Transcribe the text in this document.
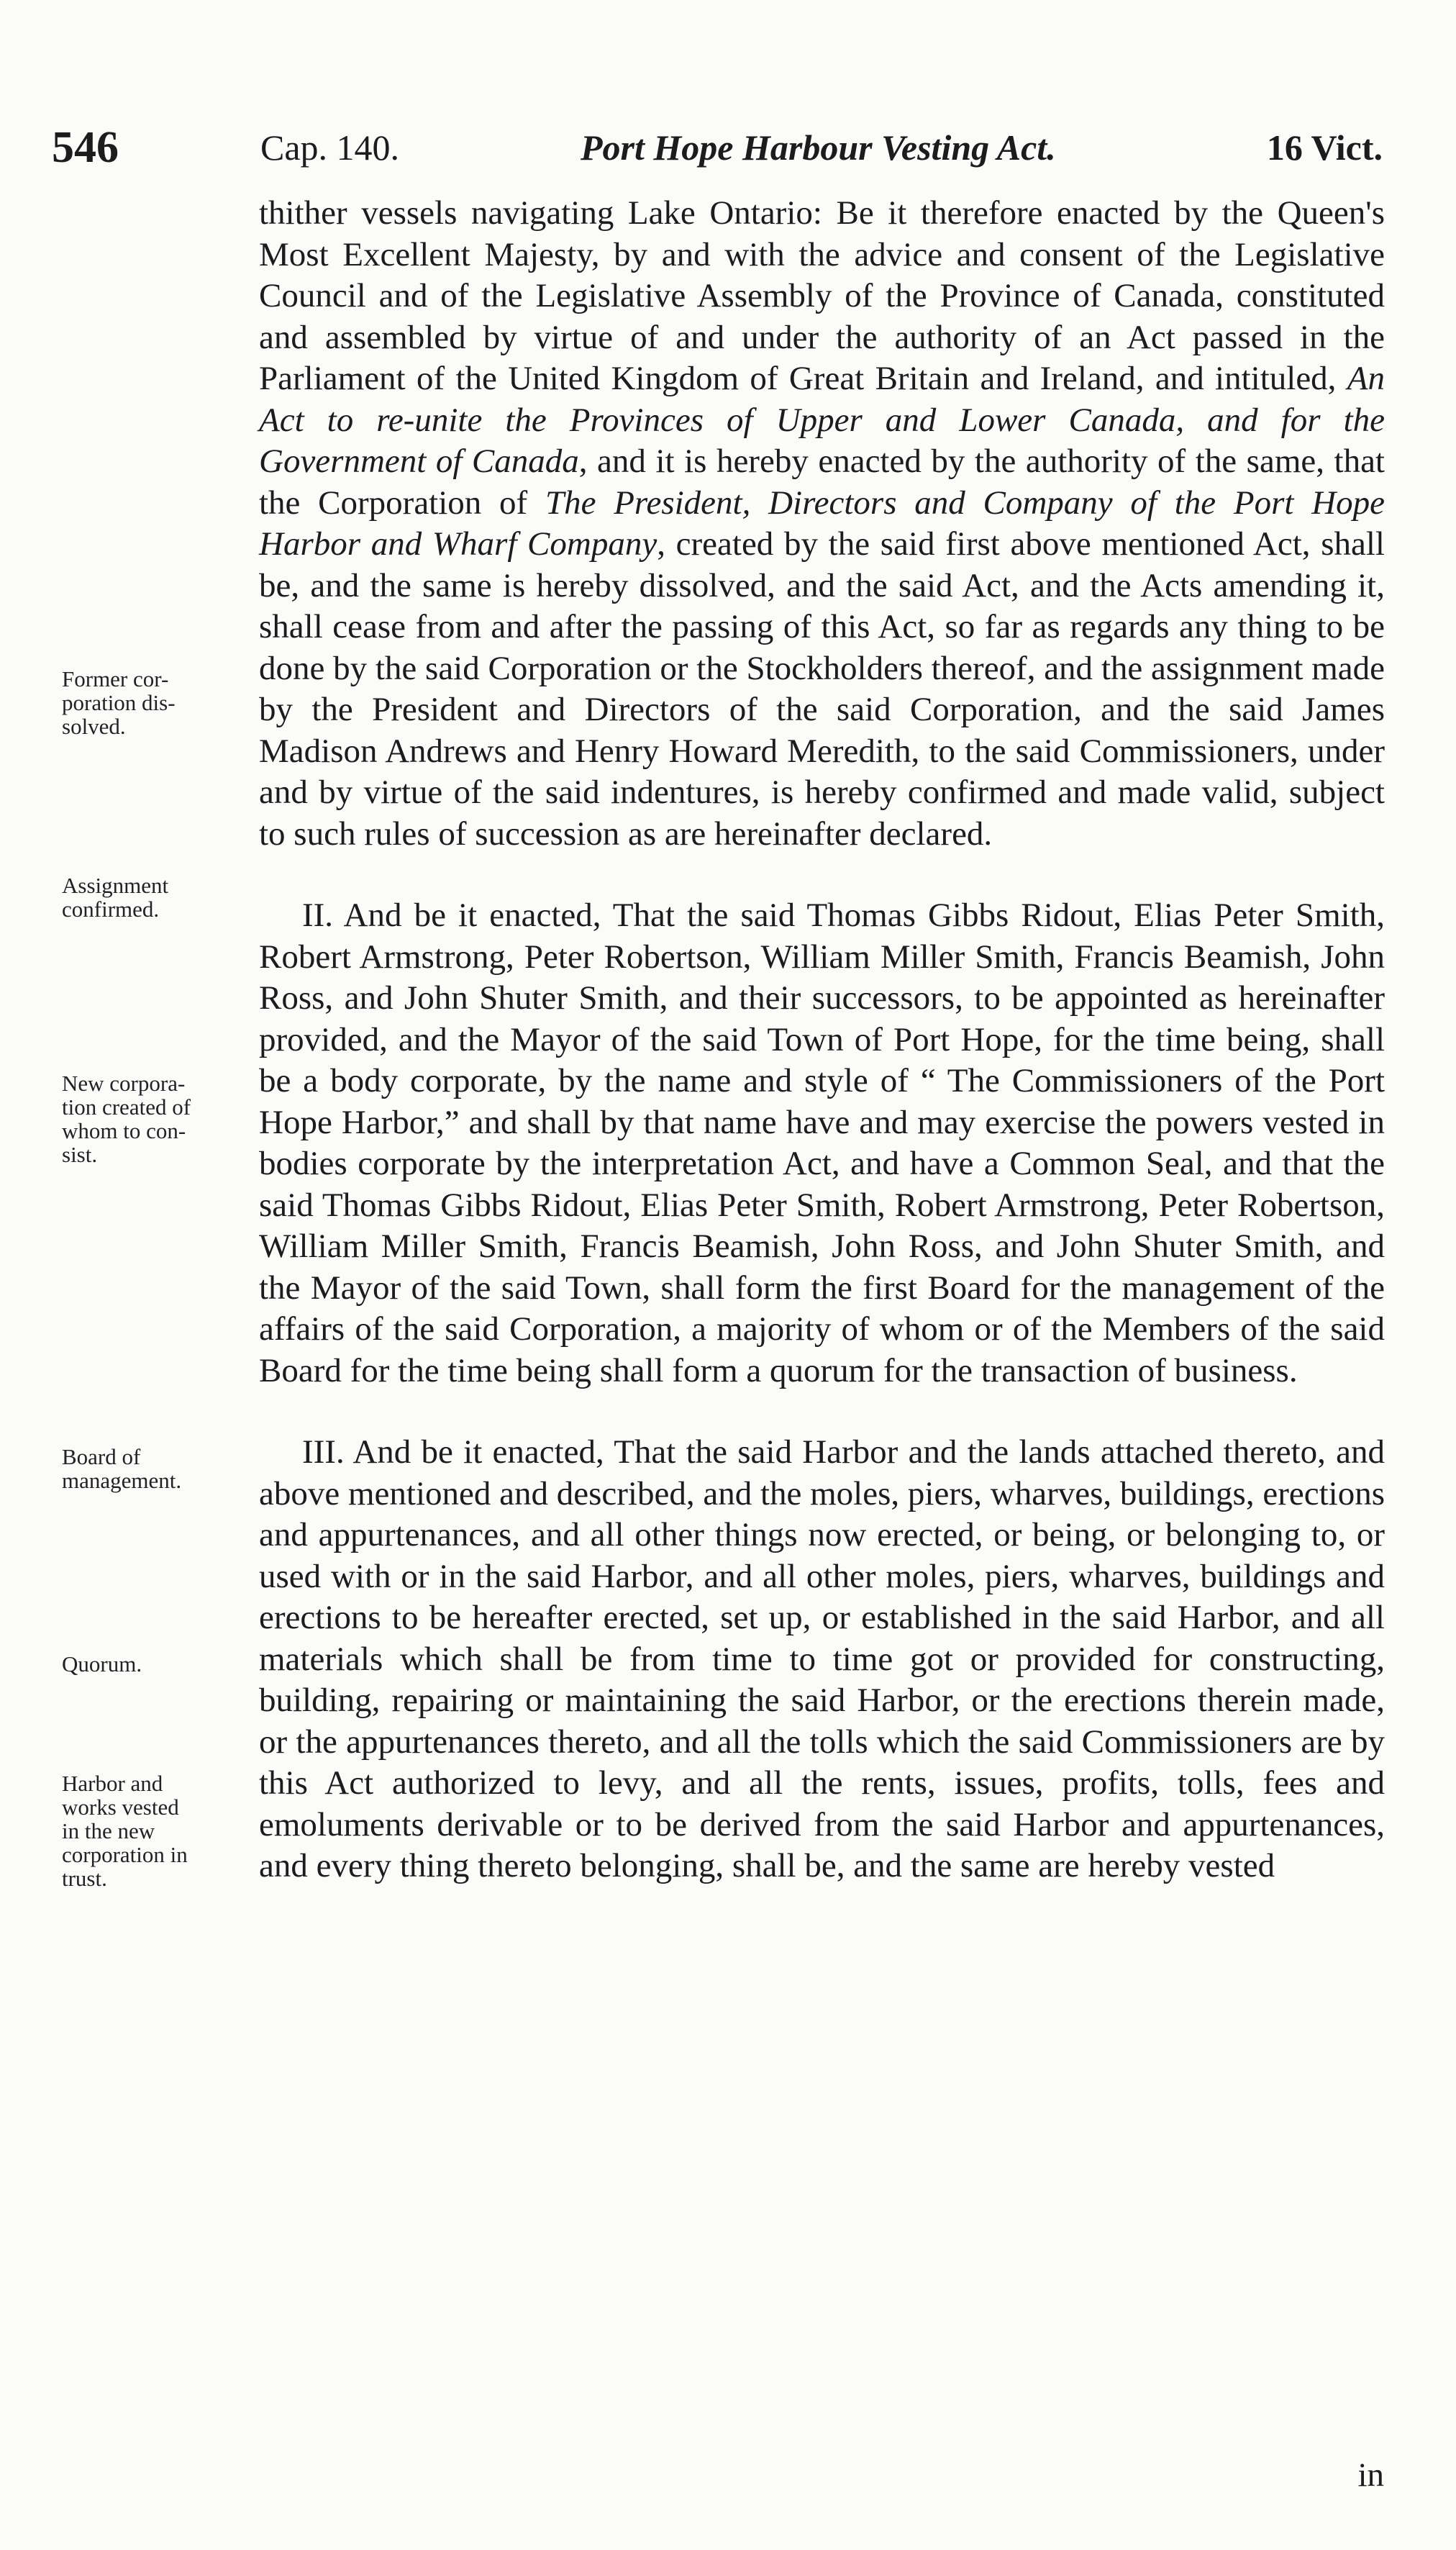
546	Cap. 140.	Port Hope Harbour Vesting Act.	16 Vict.
Former cor-
poration dis-
solved.
Assignment
confirmed.
New corpora-
tion created of
whom to con-
sist.
Board of
management.
Quorum.
Harbor and
works vested
in the new
corporation in
trust.

thither vessels navigating Lake Ontario: Be it therefore enacted by the Queen's Most Excellent Majesty, by and with the advice and consent of the Legislative Council and of the Legislative Assembly of the Province of Canada, constituted and assembled by virtue of and under the authority of an Act passed in the Parliament of the United Kingdom of Great Britain and Ireland, and intituled, An Act to re-unite the Provinces of Upper and Lower Canada, and for the Government of Canada, and it is hereby enacted by the authority of the same, that the Corporation of The President, Directors and Company of the Port Hope Harbor and Wharf Company, created by the said first above mentioned Act, shall be, and the same is hereby dissolved, and the said Act, and the Acts amending it, shall cease from and after the passing of this Act, so far as regards any thing to be done by the said Corporation or the Stockholders thereof, and the assignment made by the President and Directors of the said Corporation, and the said James Madison Andrews and Henry Howard Meredith, to the said Commissioners, under and by virtue of the said indentures, is hereby confirmed and made valid, subject to such rules of succession as are hereinafter declared.

II. And be it enacted, That the said Thomas Gibbs Ridout, Elias Peter Smith, Robert Armstrong, Peter Robertson, William Miller Smith, Francis Beamish, John Ross, and John Shuter Smith, and their successors, to be appointed as hereinafter provided, and the Mayor of the said Town of Port Hope, for the time being, shall be a body corporate, by the name and style of “ The Commissioners of the Port Hope Harbor,” and shall by that name have and may exercise the powers vested in bodies corporate by the interpretation Act, and have a Common Seal, and that the said Thomas Gibbs Ridout, Elias Peter Smith, Robert Armstrong, Peter Robertson, William Miller Smith, Francis Beamish, John Ross, and John Shuter Smith, and the Mayor of the said Town, shall form the first Board for the management of the affairs of the said Corporation, a majority of whom or of the Members of the said Board for the time being shall form a quorum for the transaction of business.

III. And be it enacted, That the said Harbor and the lands attached thereto, and above mentioned and described, and the moles, piers, wharves, buildings, erections and appurtenances, and all other things now erected, or being, or belonging to, or used with or in the said Harbor, and all other moles, piers, wharves, buildings and erections to be hereafter erected, set up, or established in the said Harbor, and all materials which shall be from time to time got or provided for constructing, building, repairing or maintaining the said Harbor, or the erections therein made, or the appurtenances thereto, and all the tolls which the said Commissioners are by this Act authorized to levy, and all the rents, issues, profits, tolls, fees and emoluments derivable or to be derived from the said Harbor and appurtenances, and every thing thereto belonging, shall be, and the same are hereby vested

in
